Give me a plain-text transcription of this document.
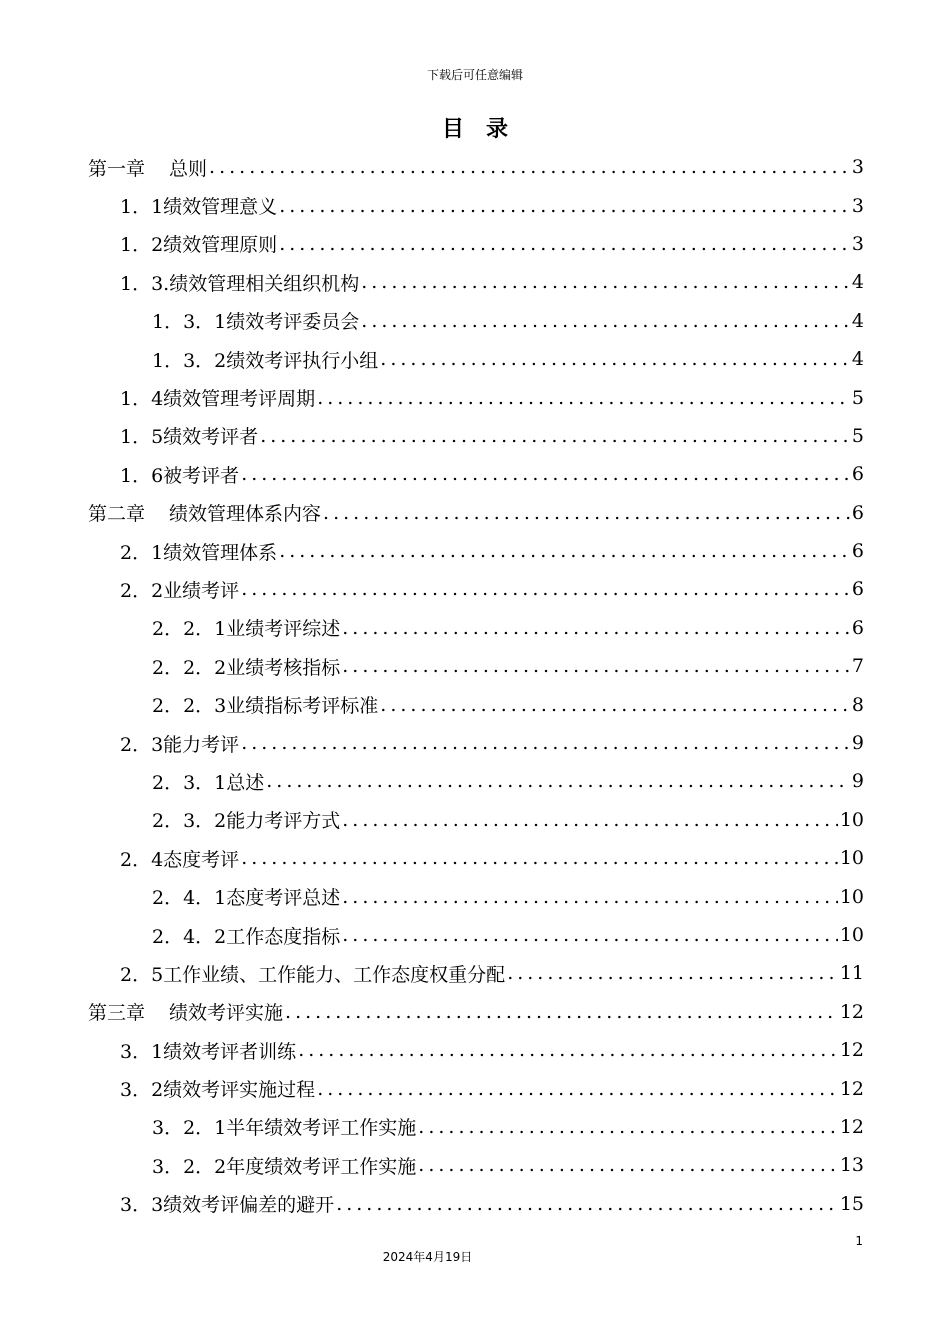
下载后可任意编辑
目录
第一章 总则 .....	3
1．1绩效管理意义 .....	3
1．2绩效管理原则 .....	3
1．3.绩效管理相关组织机构 .....	4
1．3．1绩效考评委员会 .....	4
1．3．2绩效考评执行小组 .....	4
1．4绩效管理考评周期 .....	5
1．5绩效考评者 .....	5
1．6被考评者 .....	6
第二章 绩效管理体系内容 .....	6
2．1绩效管理体系 .....	6
2．2业绩考评 .....	6
2．2．1业绩考评综述 .....	6
2．2．2业绩考核指标 .....	7
2．2．3业绩指标考评标准 .....	8
2．3能力考评 .....	9
2．3．1总述 .....	9
2．3．2能力考评方式 .....	10
2．4态度考评 .....	10
2．4．1态度考评总述 .....	10
2．4．2工作态度指标 .....	10
2．5工作业绩、工作能力、工作态度权重分配 .....	11
第三章 绩效考评实施 .....	12
3．1绩效考评者训练 .....	12
3．2绩效考评实施过程 .....	12
3．2．1半年绩效考评工作实施 .....	12
3．2．2年度绩效考评工作实施 .....	13
3．3绩效考评偏差的避开 .....	15
1
2024年4月19日
